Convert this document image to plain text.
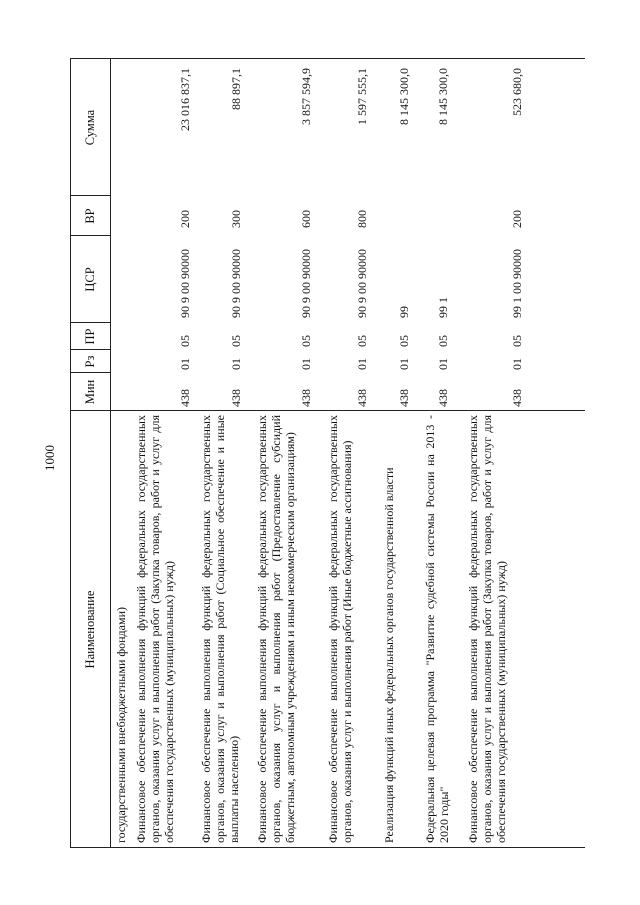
1000
Наименование
Мин
Рз
ПР
ЦСР
ВР
Сумма
государственными внебюджетными фондами) Финансовое обеспечение выполнения функций федеральных государственных органов, оказания услуг и выполнения работ (Закупка товаров, работ и услуг для обеспечения государственных (муниципальных) нужд)
438
01
05
90 9 00 90000
200
23 016 837,1
Финансовое обеспечение выполнения функций федеральных государственных органов, оказания услуг и выполнения работ (Социальное обеспечение и иные выплаты населению)
438
01
05
90 9 00 90000
300
88 897,1
Финансовое обеспечение выполнения функций федеральных государственных органов, оказания услуг и выполнения работ (Предоставление субсидий бюджетным, автономным учреждениям и иным некоммерческим организациям)
438
01
05
90 9 00 90000
600
3 857 594,9
Финансовое обеспечение выполнения функций федеральных государственных органов, оказания услуг и выполнения работ (Иные бюджетные ассигнования)
438
01
05
90 9 00 90000
800
1 597 555,1
Реализация функций иных федеральных органов государственной власти
438
01
05
99
8 145 300,0
Федеральная целевая программа "Развитие судебной системы России на 2013 - 2020 годы"
438
01
05
99 1
8 145 300,0
Финансовое обеспечение выполнения функций федеральных государственных органов, оказания услуг и выполнения работ (Закупка товаров, работ и услуг для обеспечения государственных (муниципальных) нужд)
438
01
05
99 1 00 90000
200
523 680,0
